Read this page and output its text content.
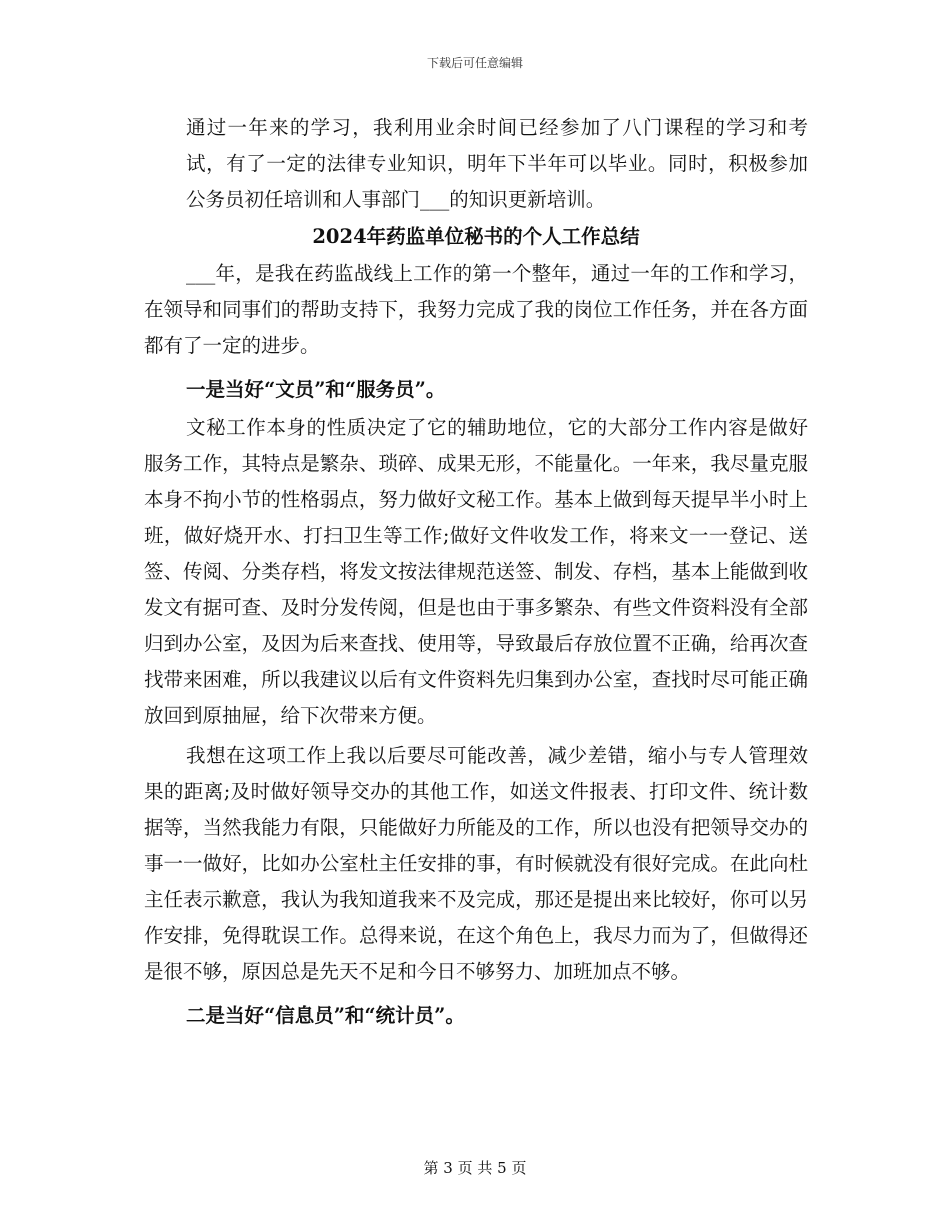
下载后可任意编辑

通过一年来的学习，我利用业余时间已经参加了八门课程的学习和考试，有了一定的法律专业知识，明年下半年可以毕业。同时，积极参加公务员初任培训和人事部门___的知识更新培训。

2024年药监单位秘书的个人工作总结

___年，是我在药监战线上工作的第一个整年，通过一年的工作和学习，在领导和同事们的帮助支持下，我努力完成了我的岗位工作任务，并在各方面都有了一定的进步。

一是当好“文员”和“服务员”。

文秘工作本身的性质决定了它的辅助地位，它的大部分工作内容是做好服务工作，其特点是繁杂、琐碎、成果无形，不能量化。一年来，我尽量克服本身不拘小节的性格弱点，努力做好文秘工作。基本上做到每天提早半小时上班，做好烧开水、打扫卫生等工作;做好文件收发工作，将来文一一登记、送签、传阅、分类存档，将发文按法律规范送签、制发、存档，基本上能做到收发文有据可查、及时分发传阅，但是也由于事多繁杂、有些文件资料没有全部归到办公室，及因为后来查找、使用等，导致最后存放位置不正确，给再次查找带来困难，所以我建议以后有文件资料先归集到办公室，查找时尽可能正确放回到原抽屉，给下次带来方便。

我想在这项工作上我以后要尽可能改善，减少差错，缩小与专人管理效果的距离;及时做好领导交办的其他工作，如送文件报表、打印文件、统计数据等，当然我能力有限，只能做好力所能及的工作，所以也没有把领导交办的事一一做好，比如办公室杜主任安排的事，有时候就没有很好完成。在此向杜主任表示歉意，我认为我知道我来不及完成，那还是提出来比较好，你可以另作安排，免得耽误工作。总得来说，在这个角色上，我尽力而为了，但做得还是很不够，原因总是先天不足和今日不够努力、加班加点不够。

二是当好“信息员”和“统计员”。

第 3 页 共 5 页
